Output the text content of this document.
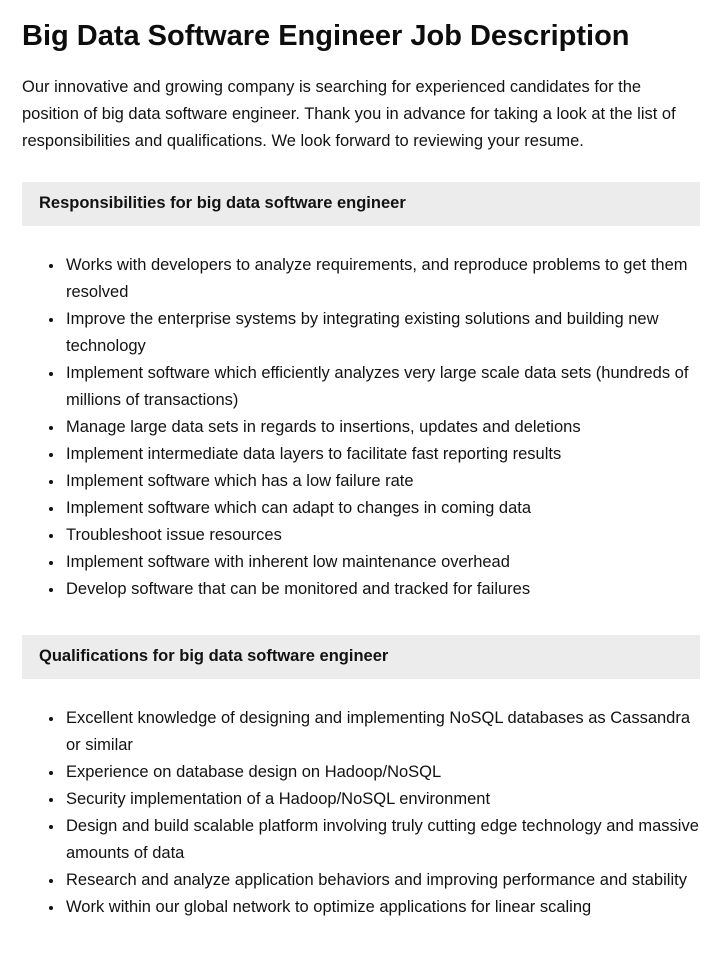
Big Data Software Engineer Job Description

Our innovative and growing company is searching for experienced candidates for the position of big data software engineer. Thank you in advance for taking a look at the list of responsibilities and qualifications. We look forward to reviewing your resume.

Responsibilities for big data software engineer
• Works with developers to analyze requirements, and reproduce problems to get them resolved
• Improve the enterprise systems by integrating existing solutions and building new technology
• Implement software which efficiently analyzes very large scale data sets (hundreds of millions of transactions)
• Manage large data sets in regards to insertions, updates and deletions
• Implement intermediate data layers to facilitate fast reporting results
• Implement software which has a low failure rate
• Implement software which can adapt to changes in coming data
• Troubleshoot issue resources
• Implement software with inherent low maintenance overhead
• Develop software that can be monitored and tracked for failures
Qualifications for big data software engineer
• Excellent knowledge of designing and implementing NoSQL databases as Cassandra or similar
• Experience on database design on Hadoop/NoSQL
• Security implementation of a Hadoop/NoSQL environment
• Design and build scalable platform involving truly cutting edge technology and massive amounts of data
• Research and analyze application behaviors and improving performance and stability
• Work within our global network to optimize applications for linear scaling
